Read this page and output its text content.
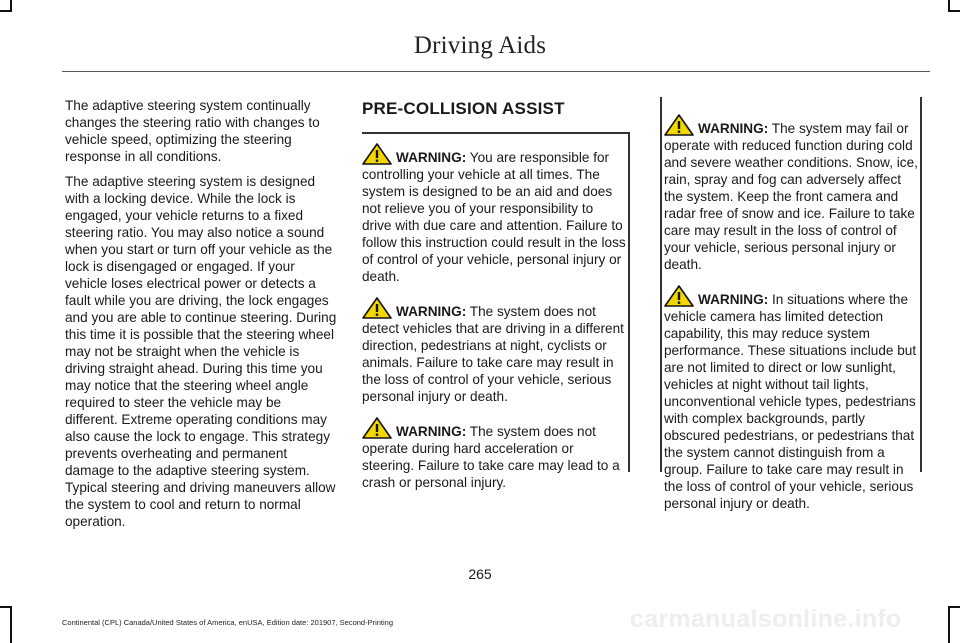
Driving Aids

The adaptive steering system continually changes the steering ratio with changes to vehicle speed, optimizing the steering response in all conditions.

The adaptive steering system is designed with a locking device. While the lock is engaged, your vehicle returns to a fixed steering ratio. You may also notice a sound when you start or turn off your vehicle as the lock is disengaged or engaged. If your vehicle loses electrical power or detects a fault while you are driving, the lock engages and you are able to continue steering. During this time it is possible that the steering wheel may not be straight when the vehicle is driving straight ahead. During this time you may notice that the steering wheel angle required to steer the vehicle may be different. Extreme operating conditions may also cause the lock to engage. This strategy prevents overheating and permanent damage to the adaptive steering system. Typical steering and driving maneuvers allow the system to cool and return to normal operation.

PRE-COLLISION ASSIST

WARNING: You are responsible for controlling your vehicle at all times. The system is designed to be an aid and does not relieve you of your responsibility to drive with due care and attention. Failure to follow this instruction could result in the loss of control of your vehicle, personal injury or death.

WARNING: The system does not detect vehicles that are driving in a different direction, pedestrians at night, cyclists or animals. Failure to take care may result in the loss of control of your vehicle, serious personal injury or death.

WARNING: The system does not operate during hard acceleration or steering. Failure to take care may lead to a crash or personal injury.

WARNING: The system may fail or operate with reduced function during cold and severe weather conditions. Snow, ice, rain, spray and fog can adversely affect the system. Keep the front camera and radar free of snow and ice. Failure to take care may result in the loss of control of your vehicle, serious personal injury or death.

WARNING: In situations where the vehicle camera has limited detection capability, this may reduce system performance. These situations include but are not limited to direct or low sunlight, vehicles at night without tail lights, unconventional vehicle types, pedestrians with complex backgrounds, partly obscured pedestrians, or pedestrians that the system cannot distinguish from a group. Failure to take care may result in the loss of control of your vehicle, serious personal injury or death.

265
carmanualsonline.info
Continental (CPL) Canada/United States of America, enUSA, Edition date: 201907, Second-Printing
